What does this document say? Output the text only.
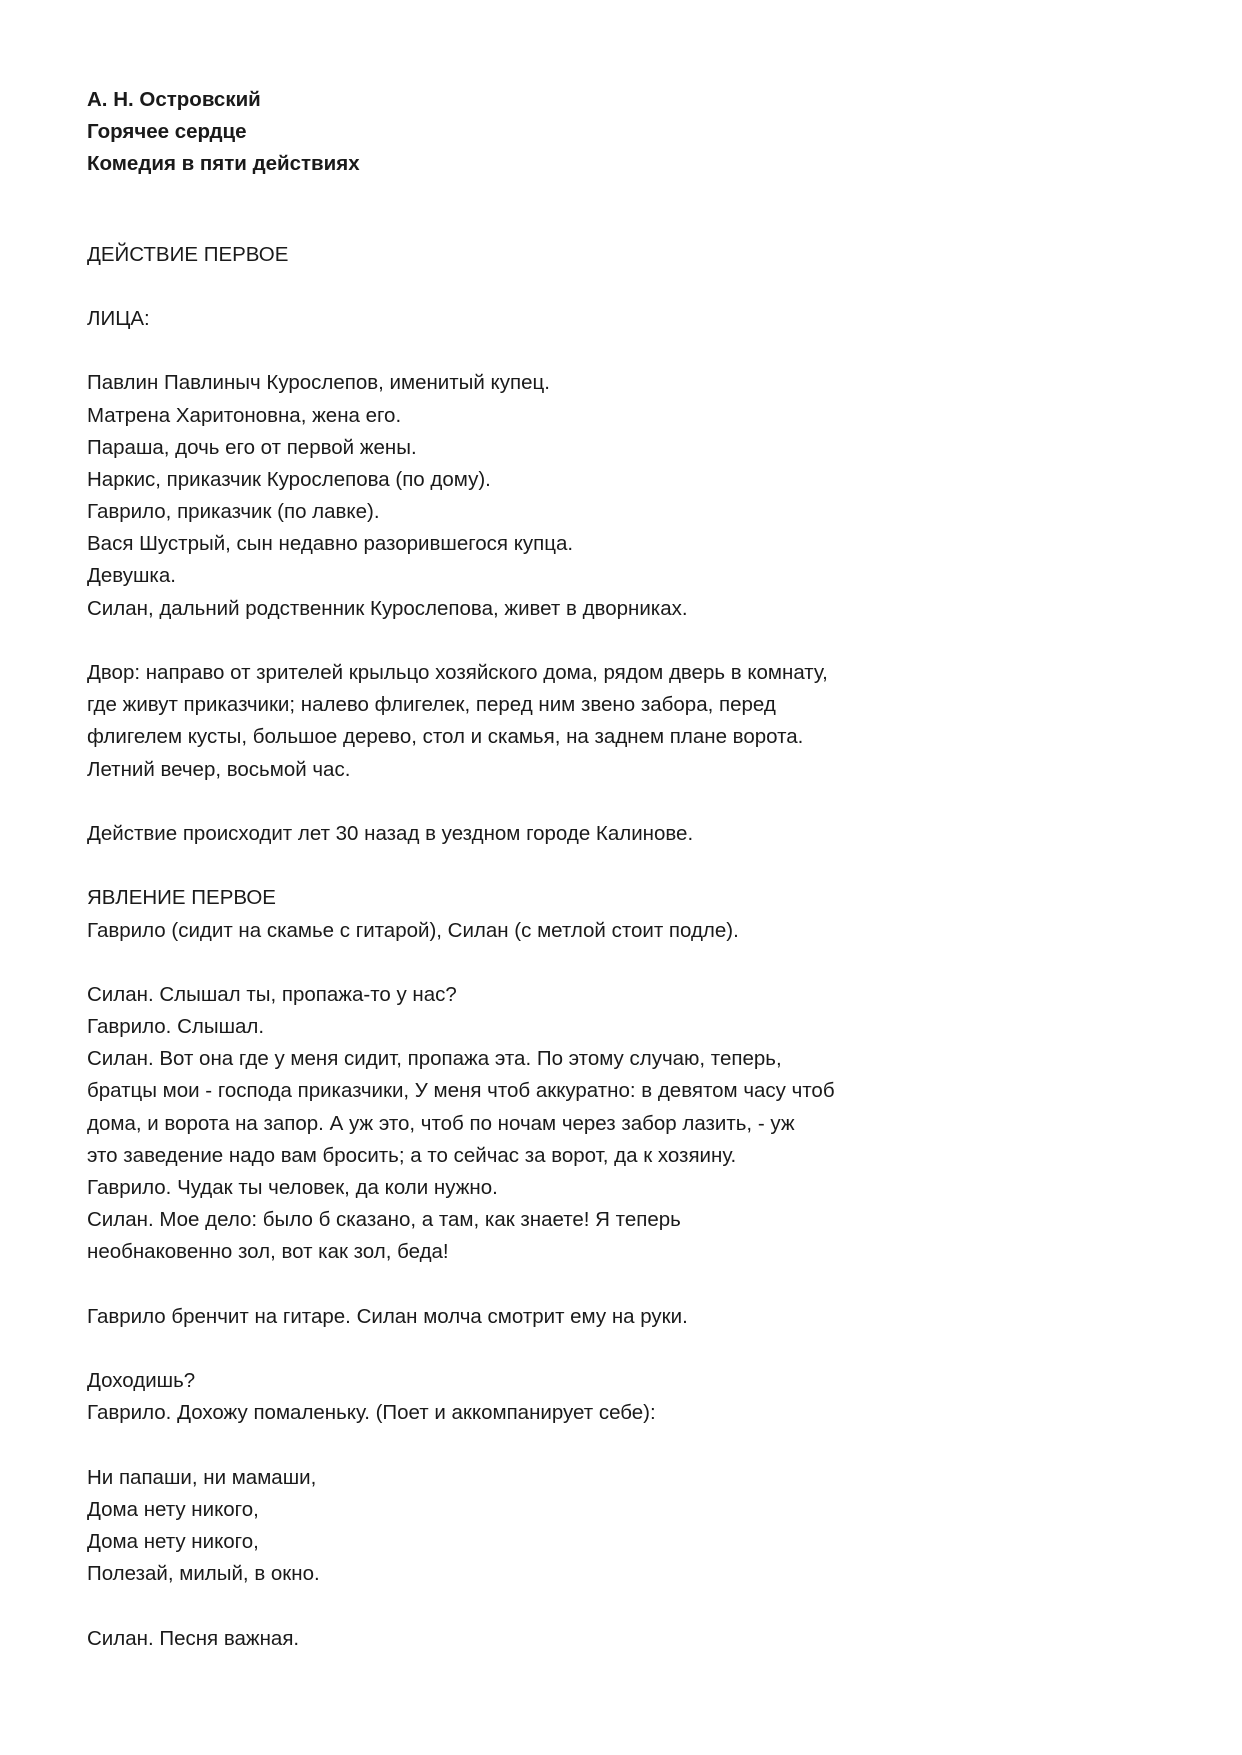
А. Н. Островский
Горячее сердце
Комедия в пяти действиях
ДЕЙСТВИЕ ПЕРВОЕ
ЛИЦА:
Павлин Павлиныч Курослепов, именитый купец.
Матрена Харитоновна, жена его.
Параша, дочь его от первой жены.
Наркис, приказчик Курослепова (по дому).
Гаврило, приказчик (по лавке).
Вася Шустрый, сын недавно разорившегося купца.
Девушка.
Силан, дальний родственник Курослепова, живет в дворниках.
Двор: направо от зрителей крыльцо хозяйского дома, рядом дверь в комнату,
где живут приказчики; налево флигелек, перед ним звено забора, перед
флигелем кусты, большое дерево, стол и скамья, на заднем плане ворота.
Летний вечер, восьмой час.
Действие происходит лет 30 назад в уездном городе Калинове.
ЯВЛЕНИЕ ПЕРВОЕ
Гаврило (сидит на скамье с гитарой), Силан (с метлой стоит подле).
Силан. Слышал ты, пропажа-то у нас?
Гаврило. Слышал.
Силан. Вот она где у меня сидит, пропажа эта. По этому случаю, теперь,
братцы мои - господа приказчики, У меня чтоб аккуратно: в девятом часу чтоб
дома, и ворота на запор. А уж это, чтоб по ночам через забор лазить, - уж
это заведение надо вам бросить; а то сейчас за ворот, да к хозяину.
Гаврило. Чудак ты человек, да коли нужно.
Силан. Мое дело: было б сказано, а там, как знаете! Я теперь
необнаковенно зол, вот как зол, беда!
Гаврило бренчит на гитаре. Силан молча смотрит ему на руки.
Доходишь?
Гаврило. Дохожу помаленьку. (Поет и аккомпанирует себе):
Ни папаши, ни мамаши,
Дома нету никого,
Дома нету никого,
Полезай, милый, в окно.
Силан. Песня важная.
